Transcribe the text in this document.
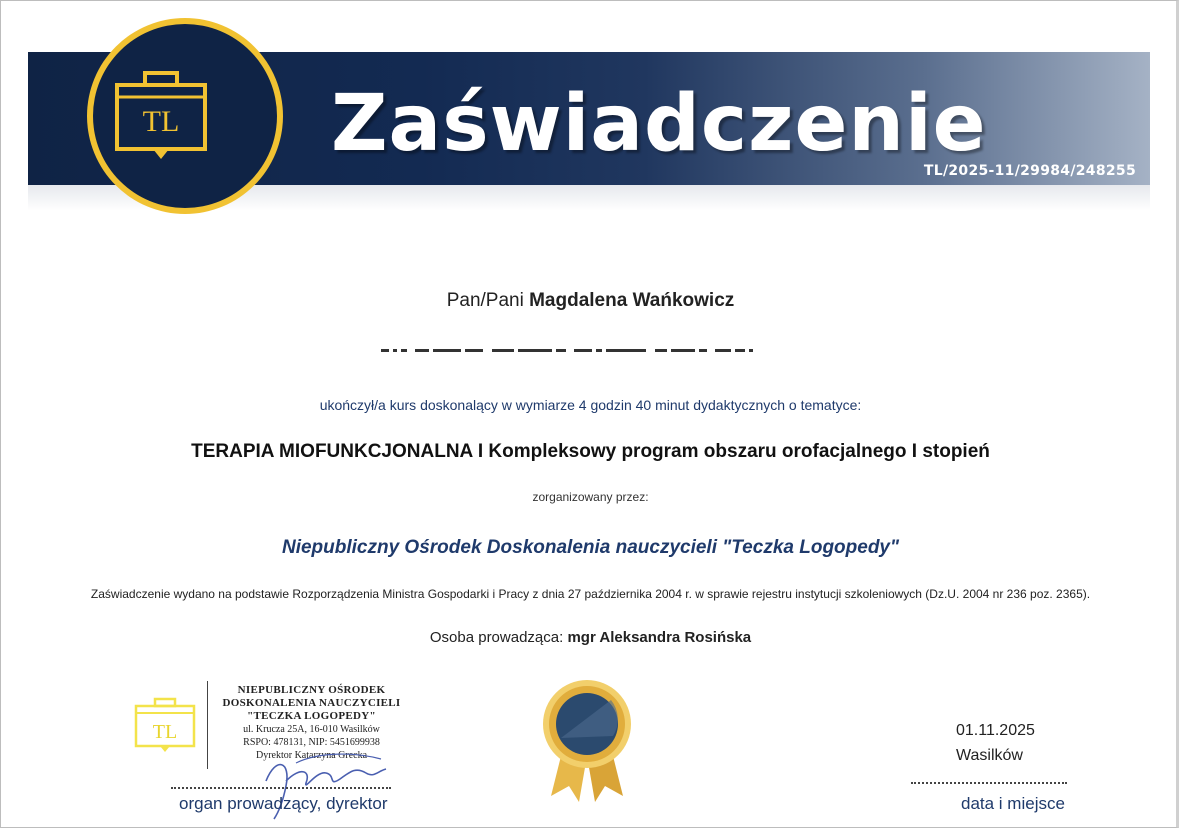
TL Zaświadczenie
TL/2025-11/29984/248255
Pan/Pani Magdalena Wańkowicz

ukończył/a kurs doskonalący w wymiarze 4 godzin 40 minut dydaktycznych o tematyce:
TERAPIA MIOFUNKCJONALNA I Kompleksowy program obszaru orofacjalnego I stopień
zorganizowany przez:
Niepubliczny Ośrodek Doskonalenia nauczycieli "Teczka Logopedy"
Zaświadczenie wydano na podstawie Rozporządzenia Ministra Gospodarki i Pracy z dnia 27 października 2004 r. w sprawie rejestru instytucji szkoleniowych (Dz.U. 2004 nr 236 poz. 2365).
Osoba prowadząca: mgr Aleksandra Rosińska
TL
NIEPUBLICZNY OŚRODEK
DOSKONALENIA NAUCZYCIELI
"TECZKA LOGOPEDY"
ul. Krucza 25A, 16-010 Wasilków
RSPO: 478131, NIP: 5451699938
Dyrektor Katarzyna Grecka
organ prowadzący, dyrektor
01.11.2025
Wasilków
data i miejsce
